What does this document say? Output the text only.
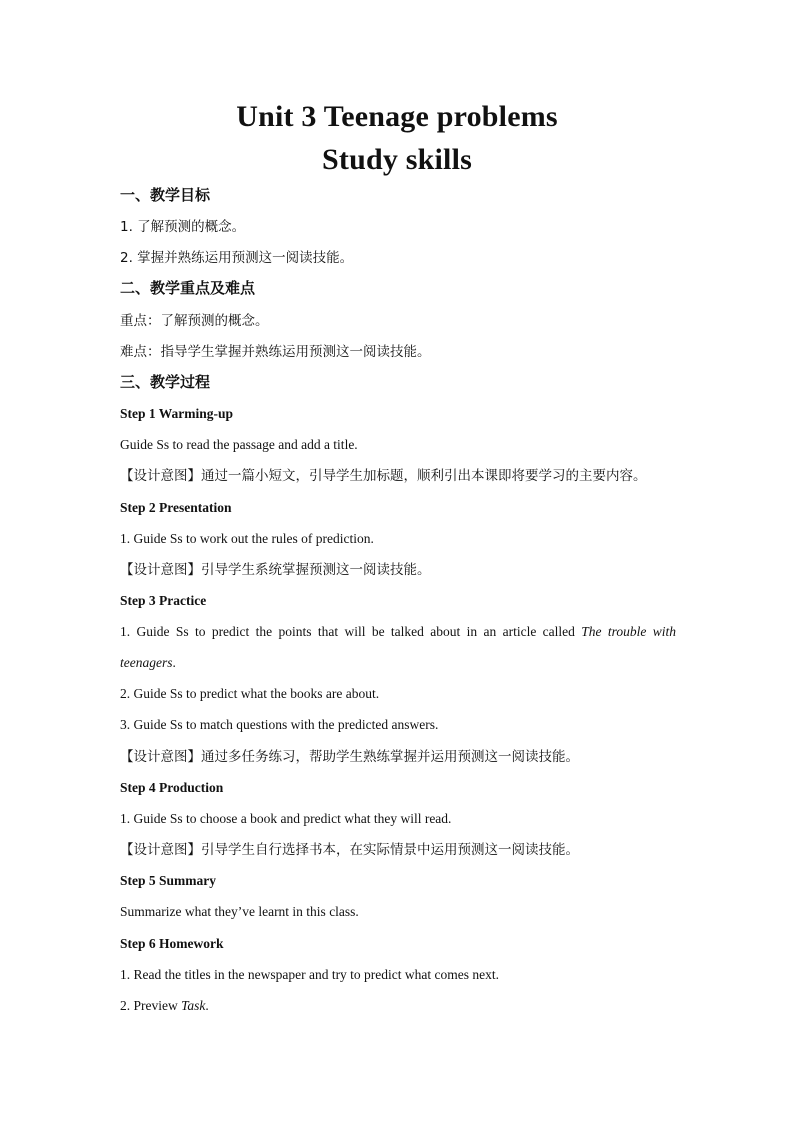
Unit 3 Teenage problems
Study skills
一、教学目标
1. 了解预测的概念。
2. 掌握并熟练运用预测这一阅读技能。
二、教学重点及难点
重点：了解预测的概念。
难点：指导学生掌握并熟练运用预测这一阅读技能。
三、教学过程
Step 1 Warming-up
Guide Ss to read the passage and add a title.
【设计意图】通过一篇小短文，引导学生加标题，顺利引出本课即将要学习的主要内容。
Step 2 Presentation
1. Guide Ss to work out the rules of prediction.
【设计意图】引导学生系统掌握预测这一阅读技能。
Step 3 Practice
1. Guide Ss to predict the points that will be talked about in an article called The trouble with
teenagers.
2. Guide Ss to predict what the books are about.
3. Guide Ss to match questions with the predicted answers.
【设计意图】通过多任务练习，帮助学生熟练掌握并运用预测这一阅读技能。
Step 4 Production
1. Guide Ss to choose a book and predict what they will read.
【设计意图】引导学生自行选择书本，在实际情景中运用预测这一阅读技能。
Step 5 Summary
Summarize what they’ve learnt in this class.
Step 6 Homework
1. Read the titles in the newspaper and try to predict what comes next.
2. Preview Task.
